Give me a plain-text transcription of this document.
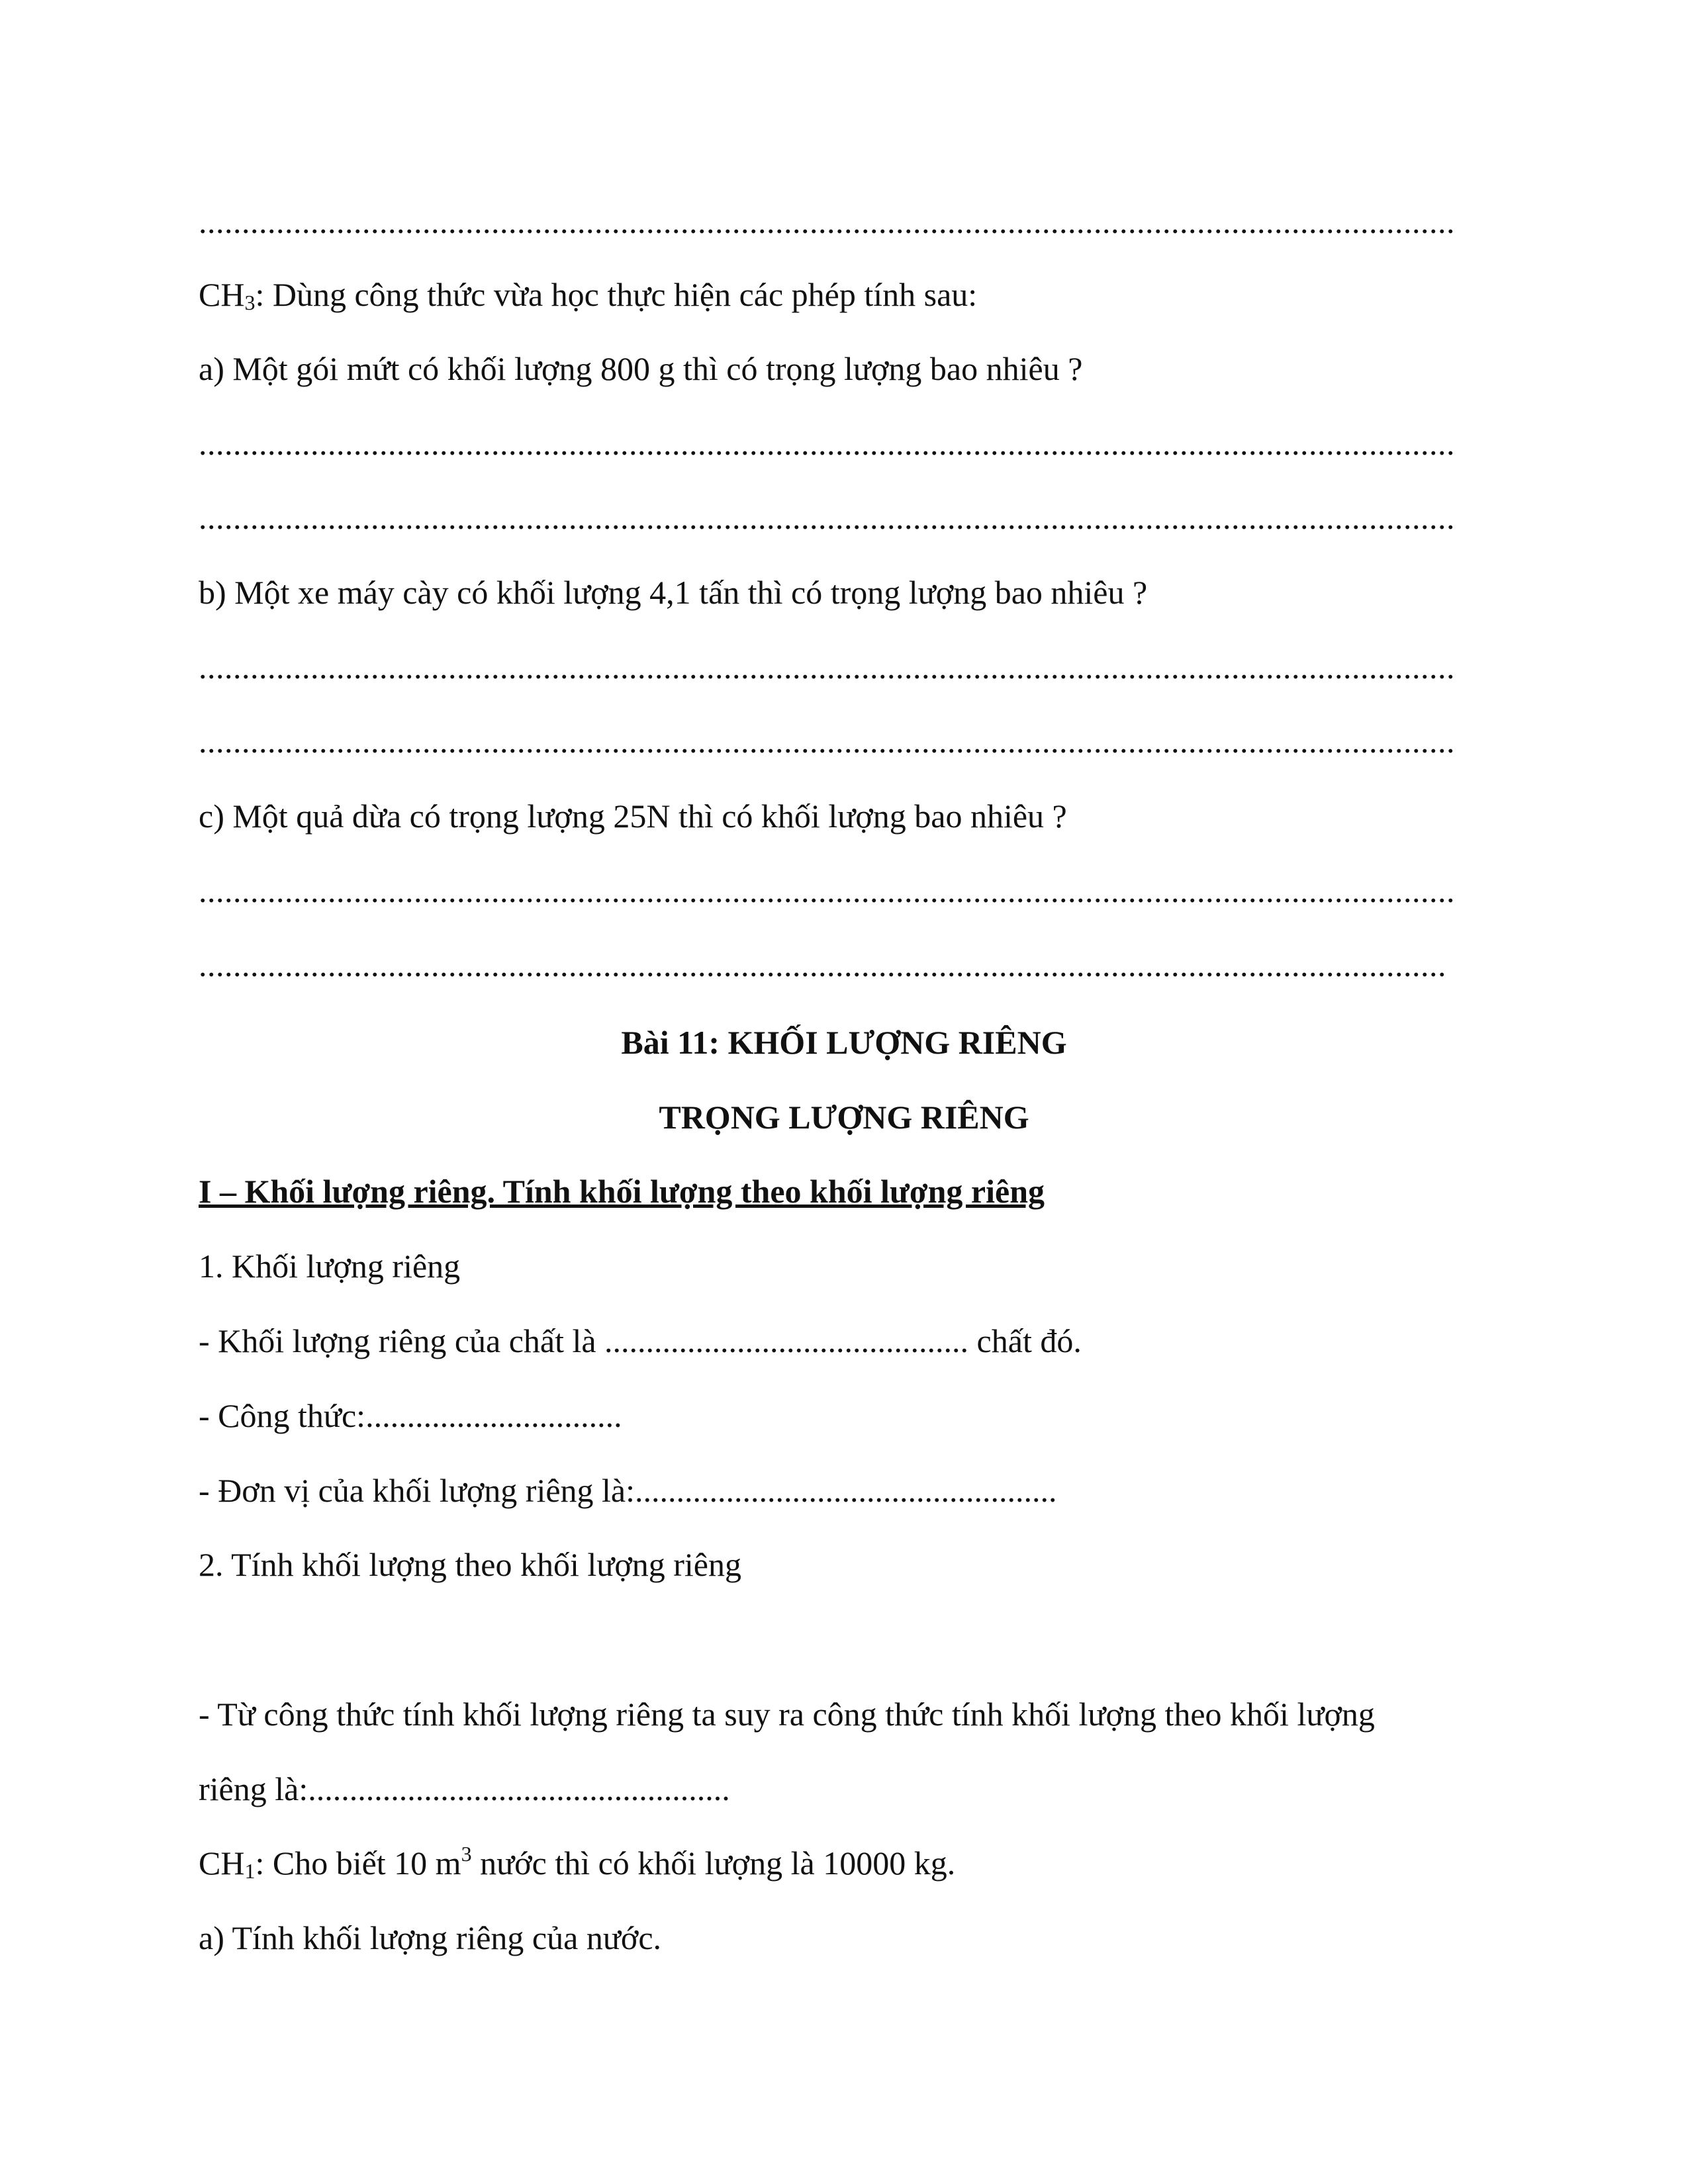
..................................................................................................................................................
$CH_3$: Dùng công thức vừa học thực hiện các phép tính sau:
a) Một gói mứt có khối lượng 800 g thì có trọng lượng bao nhiêu ?
..................................................................................................................................................
..................................................................................................................................................
b) Một xe máy cày có khối lượng 4,1 tấn thì có trọng lượng bao nhiêu ?
..................................................................................................................................................
..................................................................................................................................................
c) Một quả dừa có trọng lượng 25N thì có khối lượng bao nhiêu ?
..................................................................................................................................................
.................................................................................................................................................
Bài 11: KHỐI LƯỢNG RIÊNG
TRỌNG LƯỢNG RIÊNG
I – Khối lượng riêng. Tính khối lượng theo khối lượng riêng
1. Khối lượng riêng
- Khối lượng riêng của chất là ............................................ chất đó.
- Công thức:...............................
- Đơn vị của khối lượng riêng là:...................................................
2. Tính khối lượng theo khối lượng riêng
- Từ công thức tính khối lượng riêng ta suy ra công thức tính khối lượng theo khối lượng
riêng là:...................................................
$CH_1$: Cho biết 10 $m^3$ nước thì có khối lượng là 10000 kg.
a) Tính khối lượng riêng của nước.
